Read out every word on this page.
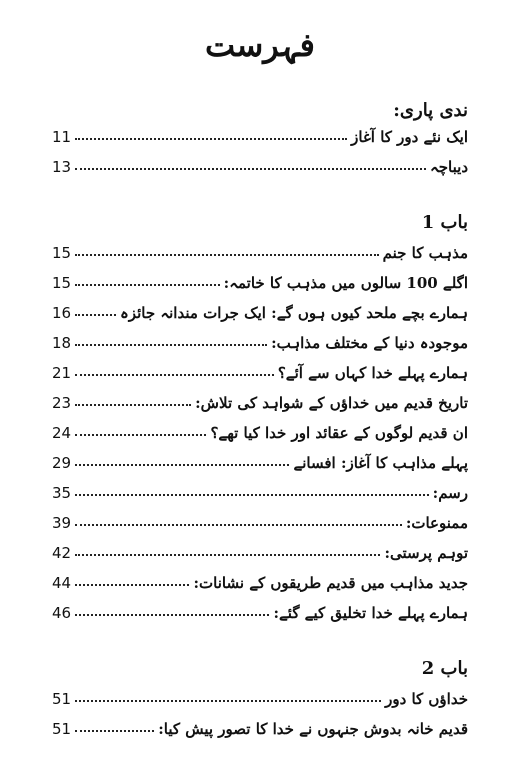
فہرست
ندی پاری:
ایک نئے دور کا آغاز
11
دیباچہ
13
باب 1
مذہب کا جنم
15
اگلے 100 سالوں میں مذہب کا خاتمہ:
15
ہمارے بچے ملحد کیوں ہوں گے: ایک جرات مندانہ جائزہ
16
موجودہ دنیا کے مختلف مذاہب:
18
ہمارے پہلے خدا کہاں سے آئے؟
21
تاریخ قدیم میں خداؤں کے شواہد کی تلاش:
23
ان قدیم لوگوں کے عقائد اور خدا کیا تھے؟
24
پہلے مذاہب کا آغاز: افسانے
29
رسم:
35
ممنوعات:
39
توہم پرستی:
42
جدید مذاہب میں قدیم طریقوں کے نشانات:
44
ہمارے پہلے خدا تخلیق کیے گئے:
46
باب 2
خداؤں کا دور
51
قدیم خانہ بدوش جنہوں نے خدا کا تصور پیش کیا:
51
